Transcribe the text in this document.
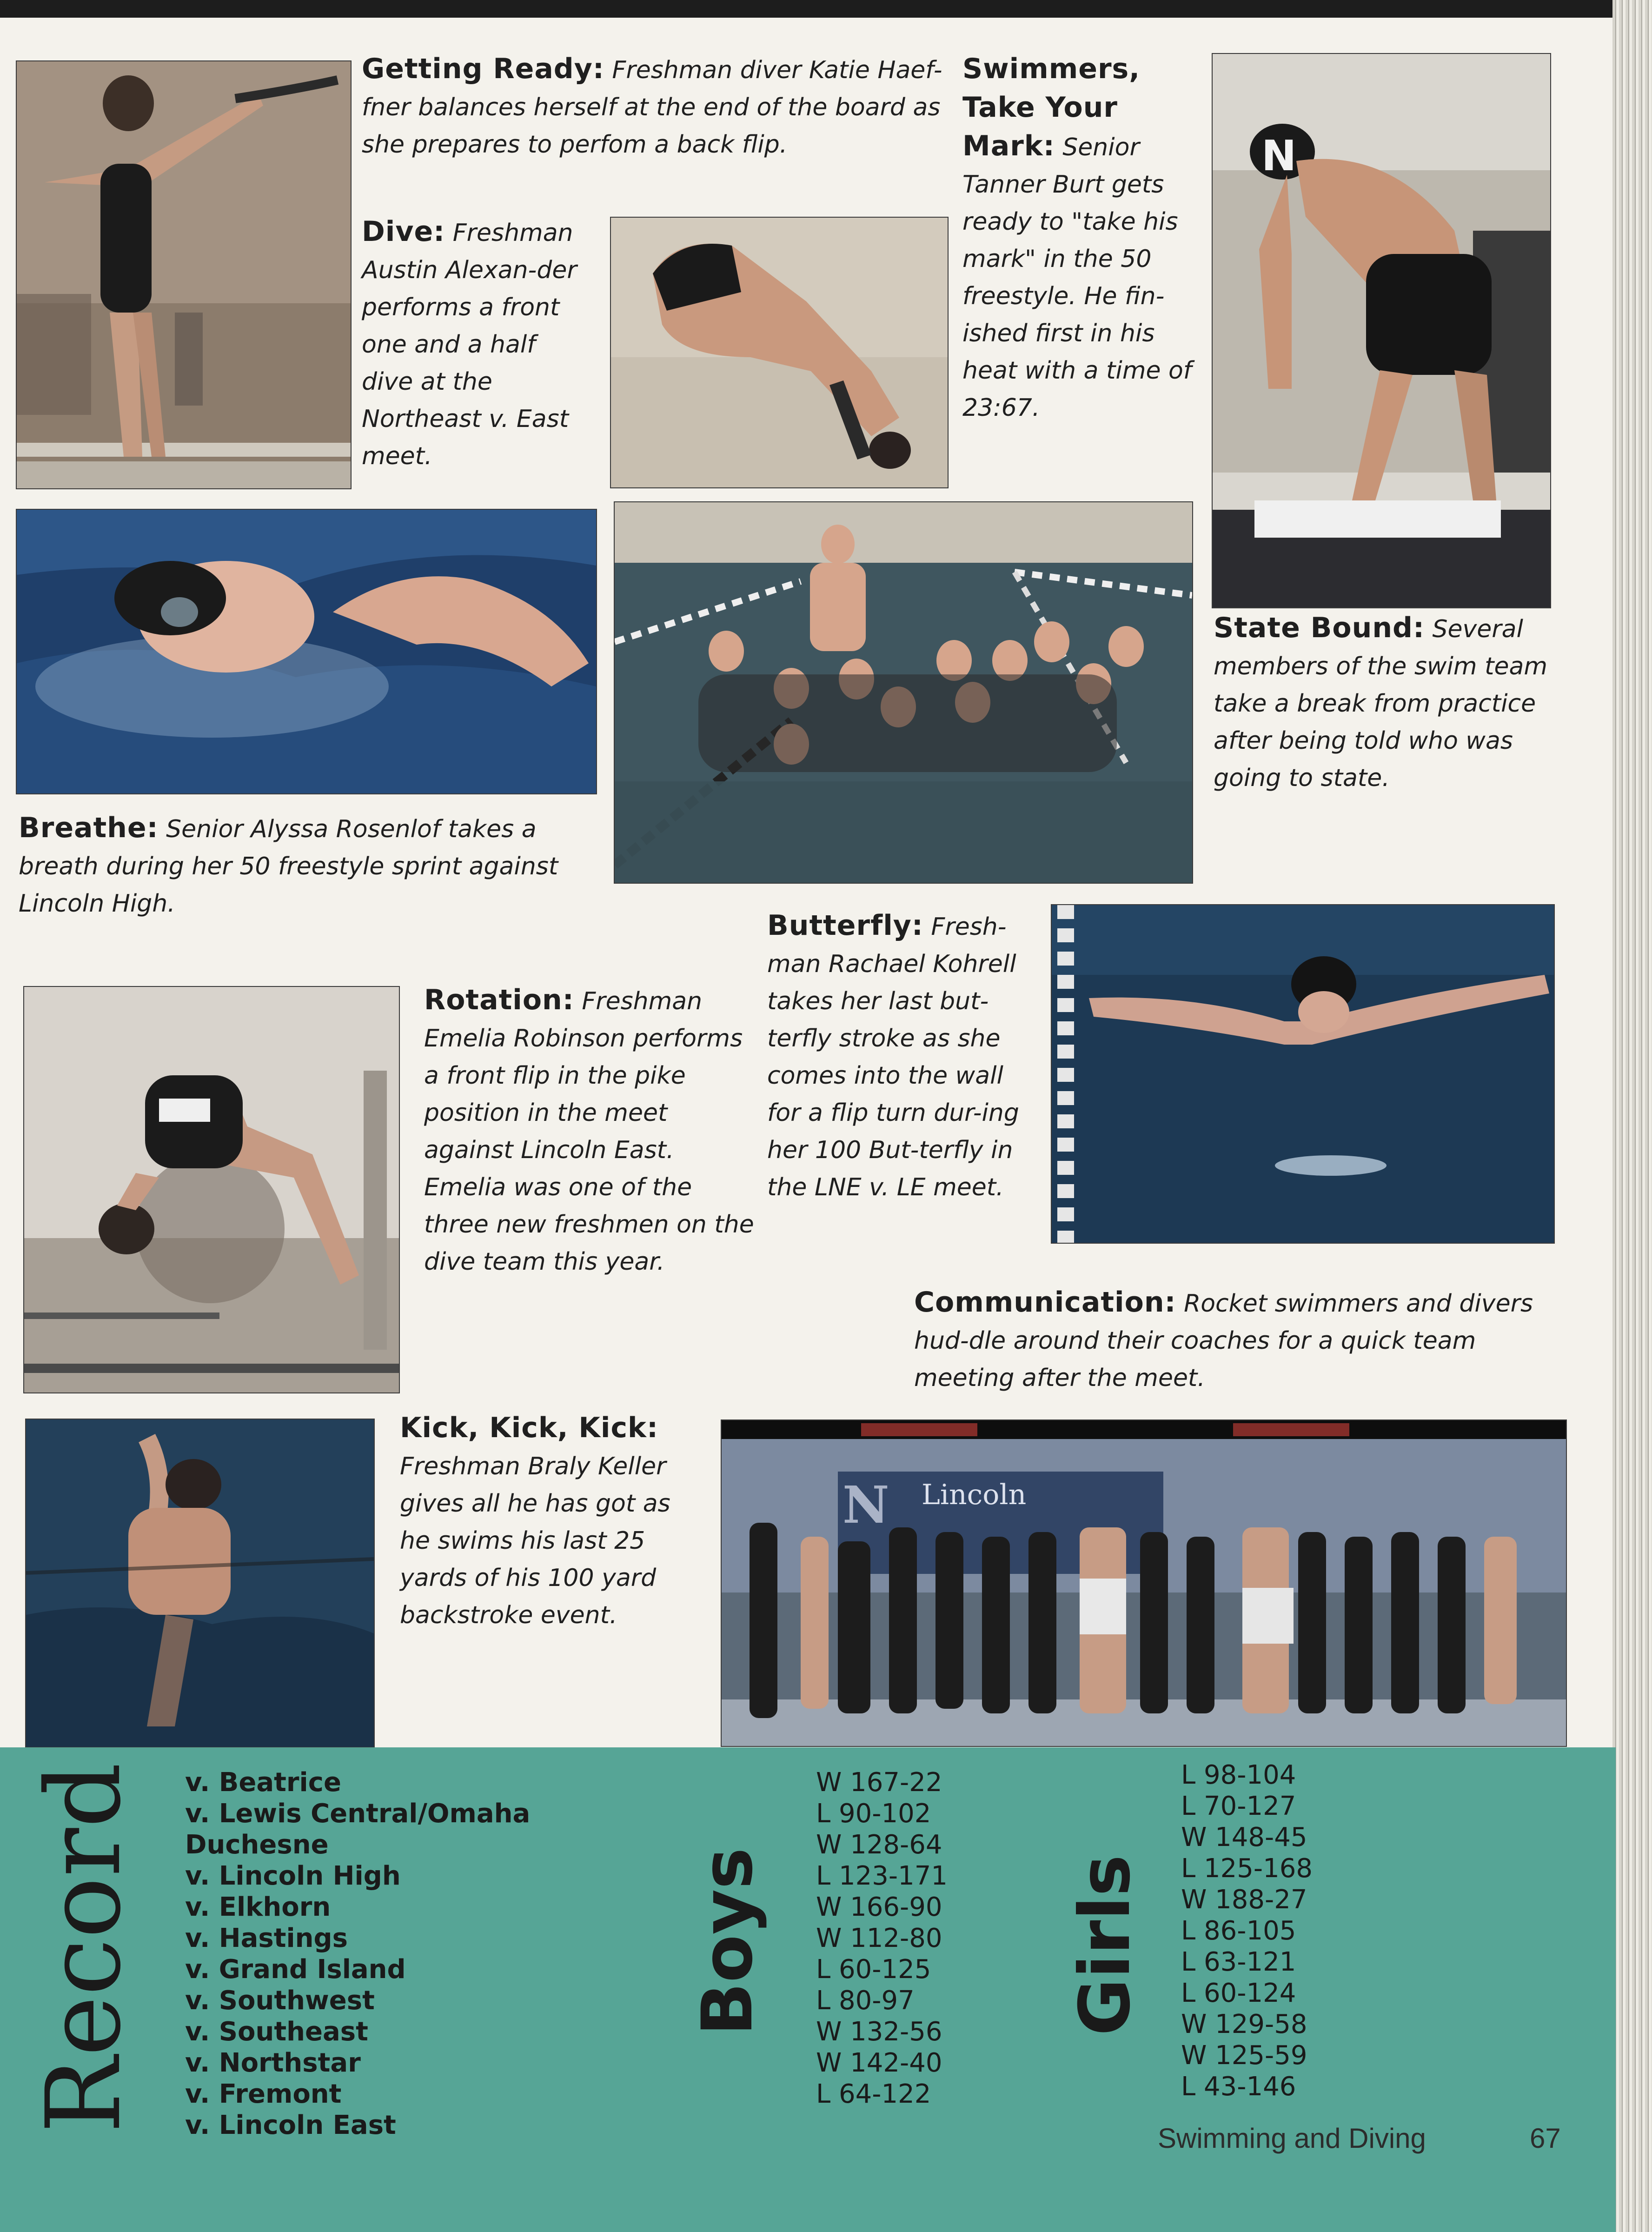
N
N Lincoln
Getting Ready: Freshman diver Katie Haef-fner balances herself at the end of the board as she prepares to perfom a back flip.
Dive: Freshman Austin Alexan-der performs a front one and a half dive at the Northeast v. East meet.
Swimmers, Take Your Mark: Senior Tanner Burt gets ready to "take his mark" in the 50 freestyle. He fin-ished first in his heat with a time of 23:67.
State Bound: Several members of the swim team take a break from practice after being told who was going to state.
Breathe: Senior Alyssa Rosenlof takes a breath during her 50 freestyle sprint against Lincoln High.
Butterfly: Fresh-man Rachael Kohrell takes her last but-terfly stroke as she comes into the wall for a flip turn dur-ing her 100 But-terfly in the LNE v. LE meet.
Rotation: Freshman Emelia Robinson performs a front flip in the pike position in the meet against Lincoln East. Emelia was one of the three new freshmen on the dive team this year.
Communication: Rocket swimmers and divers hud-dle around their coaches for a quick team meeting after the meet.
Kick, Kick, Kick: Freshman Braly Keller gives all he has got as he swims his last 25 yards of his 100 yard backstroke event.
Record v. Beatrice
v. Lewis Central/Omaha Duchesne
v. Lincoln High
v. Elkhorn
v. Hastings
v. Grand Island
v. Southwest
v. Southeast
v. Northstar
v. Fremont
v. Lincoln East
Boys
W 167-22
L 90-102
W 128-64
L 123-171
W 166-90
W 112-80
L 60-125
L 80-97
W 132-56
W 142-40
L 64-122
Girls
L 98-104
L 70-127
W 148-45
L 125-168
W 188-27
L 86-105
L 63-121
L 60-124
W 129-58
W 125-59
L 43-146
Swimming and Diving	67
